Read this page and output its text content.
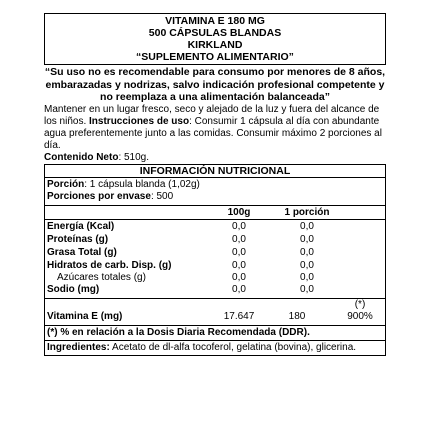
VITAMINA E 180 MG
500 CÁPSULAS BLANDAS
KIRKLAND
“SUPLEMENTO ALIMENTARIO”
“Su uso no es recomendable para consumo por menores de 8 años, embarazadas y nodrizas, salvo indicación profesional competente y no reemplaza a una alimentación balanceada”
Mantener en un lugar fresco, seco y alejado de la luz y fuera del alcance de los niños. Instrucciones de uso: Consumir 1 cápsula al día con abundante agua preferentemente junto a las comidas. Consumir máximo 2 porciones al día.
Contenido Neto: 510g.
INFORMACIÓN NUTRICIONAL
Porción: 1 cápsula blanda (1,02g)
Porciones por envase: 500
100g	1 porción
Energía (Kcal)	0,0	0,0
Proteínas (g)	0,0	0,0
Grasa Total (g)	0,0	0,0
Hidratos de carb. Disp. (g)	0,0	0,0
Azúcares totales (g)	0,0	0,0
Sodio (mg)	0,0	0,0
(*)
Vitamina E (mg)	17.647	180	900%
(*) % en relación a la Dosis Diaria Recomendada (DDR).
Ingredientes: Acetato de dl-alfa tocoferol, gelatina (bovina), glicerina.
